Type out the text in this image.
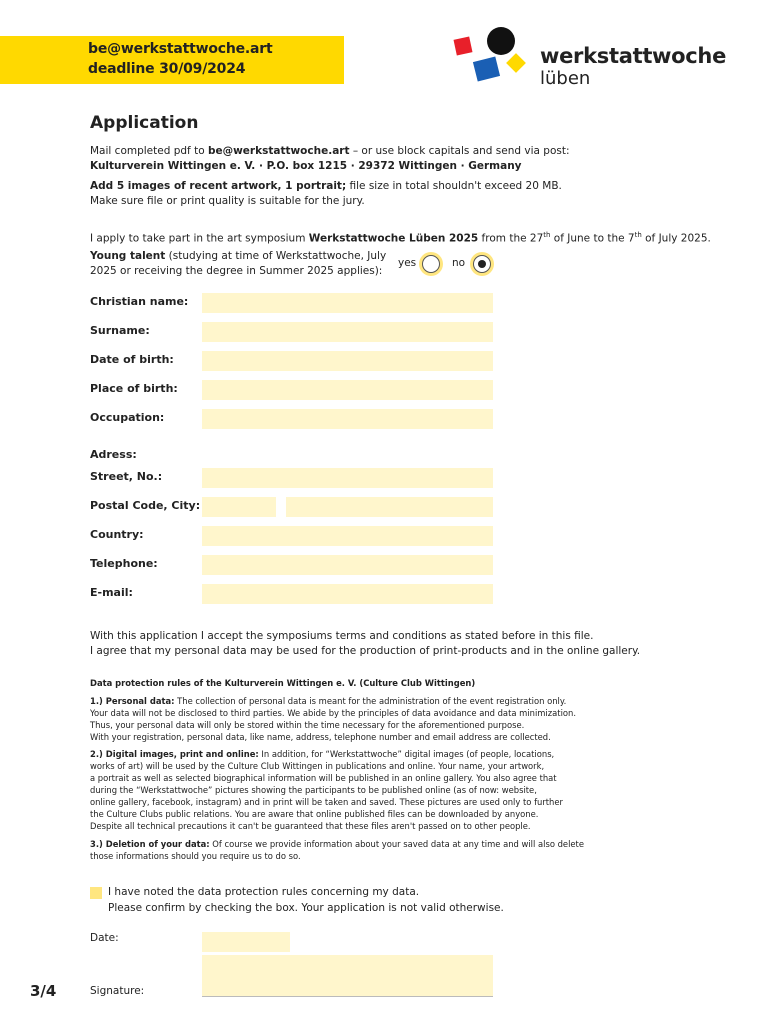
be@werkstattwoche.art
deadline 30/09/2024
werkstattwoche
lüben
Application
Mail completed pdf to be@werkstattwoche.art – or use block capitals and send via post:
Kulturverein Wittingen e. V. · P.O. box 1215 · 29372 Wittingen · Germany
Add 5 images of recent artwork, 1 portrait; file size in total shouldn't exceed 20 MB.
Make sure file or print quality is suitable for the jury.
I apply to take part in the art symposium Werkstattwoche Lüben 2025 from the 27th of June to the 7th of July 2025.
Young talent (studying at time of Werkstattwoche, July
2025 or receiving the degree in Summer 2025 applies):
yes	no
Christian name:
Surname:
Date of birth:
Place of birth:
Occupation:
Adress:
Street, No.:
Postal Code, City:
Country:
Telephone:
E-mail:
With this application I accept the symposiums terms and conditions as stated before in this file.
I agree that my personal data may be used for the production of print-products and in the online gallery.
Data protection rules of the Kulturverein Wittingen e. V. (Culture Club Wittingen)
1.) Personal data: The collection of personal data is meant for the administration of the event registration only.
Your data will not be disclosed to third parties. We abide by the principles of data avoidance and data minimization.
Thus, your personal data will only be stored within the time necessary for the aforementioned purpose.
With your registration, personal data, like name, address, telephone number and email address are collected.
2.) Digital images, print and online: In addition, for “Werkstattwoche” digital images (of people, locations,
works of art) will be used by the Culture Club Wittingen in publications and online. Your name, your artwork,
a portrait as well as selected biographical information will be published in an online gallery. You also agree that
during the “Werkstattwoche” pictures showing the participants to be published online (as of now: website,
online gallery, facebook, instagram) and in print will be taken and saved. These pictures are used only to further
the Culture Clubs public relations. You are aware that online published files can be downloaded by anyone.
Despite all technical precautions it can't be guaranteed that these files aren't passed on to other people.
3.) Deletion of your data: Of course we provide information about your saved data at any time and will also delete
those informations should you require us to do so.
I have noted the data protection rules concerning my data.
Please confirm by checking the box. Your application is not valid otherwise.
Date:
Signature:
3/4
